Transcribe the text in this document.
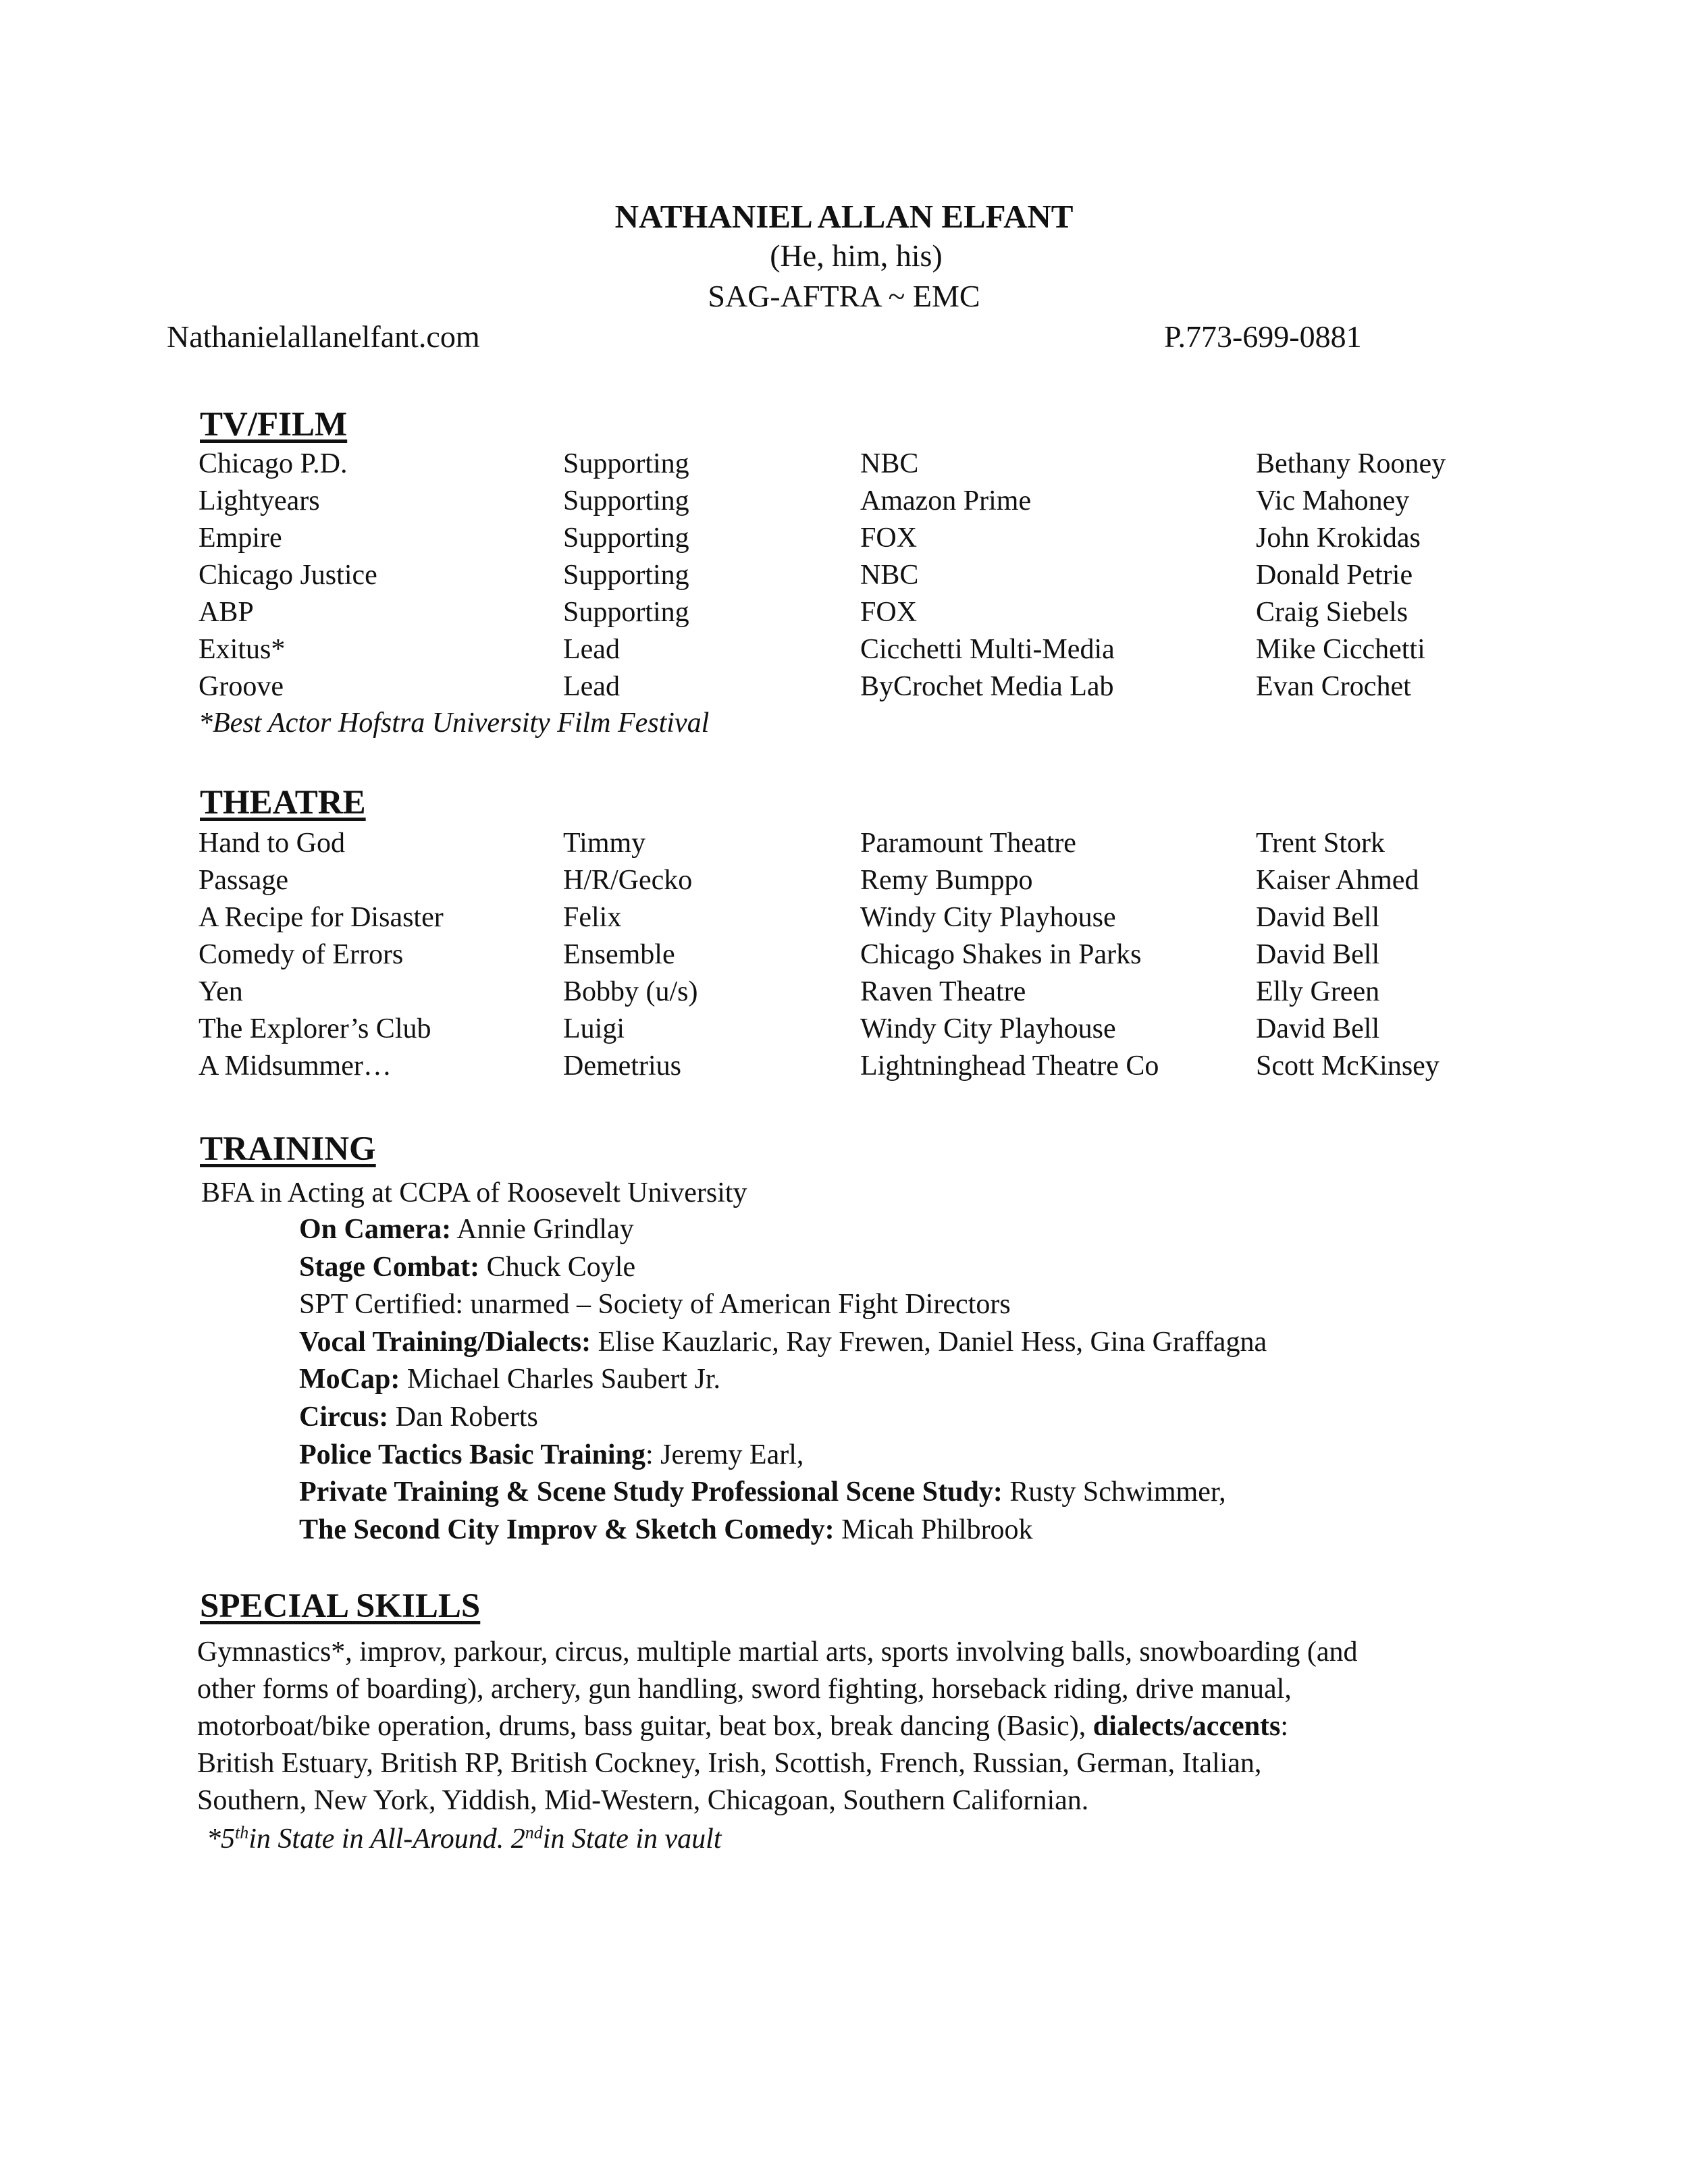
NATHANIEL ALLAN ELFANT
(He, him, his)
SAG-AFTRA ~ EMC
Nathanielallanelfant.com	P.773-699-0881
TV/FILM
Chicago P.D.	Supporting	NBC	Bethany Rooney
Lightyears	Supporting	Amazon Prime	Vic Mahoney
Empire	Supporting	FOX	John Krokidas
Chicago Justice	Supporting	NBC	Donald Petrie
ABP	Supporting	FOX	Craig Siebels
Exitus*	Lead	Cicchetti Multi-Media	Mike Cicchetti
Groove	Lead	ByCrochet Media Lab	Evan Crochet
*Best Actor Hofstra University Film Festival
THEATRE
Hand to God	Timmy	Paramount Theatre	Trent Stork
Passage	H/R/Gecko	Remy Bumppo	Kaiser Ahmed
A Recipe for Disaster	Felix	Windy City Playhouse	David Bell
Comedy of Errors	Ensemble	Chicago Shakes in Parks	David Bell
Yen	Bobby (u/s)	Raven Theatre	Elly Green
The Explorer’s Club	Luigi	Windy City Playhouse	David Bell
A Midsummer…	Demetrius	Lightninghead Theatre Co	Scott McKinsey
TRAINING
BFA in Acting at CCPA of Roosevelt University
On Camera: Annie Grindlay
Stage Combat: Chuck Coyle
SPT Certified: unarmed – Society of American Fight Directors
Vocal Training/Dialects: Elise Kauzlaric, Ray Frewen, Daniel Hess, Gina Graffagna
MoCap: Michael Charles Saubert Jr.
Circus: Dan Roberts
Police Tactics Basic Training: Jeremy Earl,
Private Training & Scene Study Professional Scene Study: Rusty Schwimmer,
The Second City Improv & Sketch Comedy: Micah Philbrook
SPECIAL SKILLS

Gymnastics*, improv, parkour, circus, multiple martial arts, sports involving balls, snowboarding (and

other forms of boarding), archery, gun handling, sword fighting, horseback riding, drive manual,

motorboat/bike operation, drums, bass guitar, beat box, break dancing (Basic), dialects/accents:

British Estuary, British RP, British Cockney, Irish, Scottish, French, Russian, German, Italian,

Southern, New York, Yiddish, Mid-Western, Chicagoan, Southern Californian.

*5thin State in All-Around. 2ndin State in vault
